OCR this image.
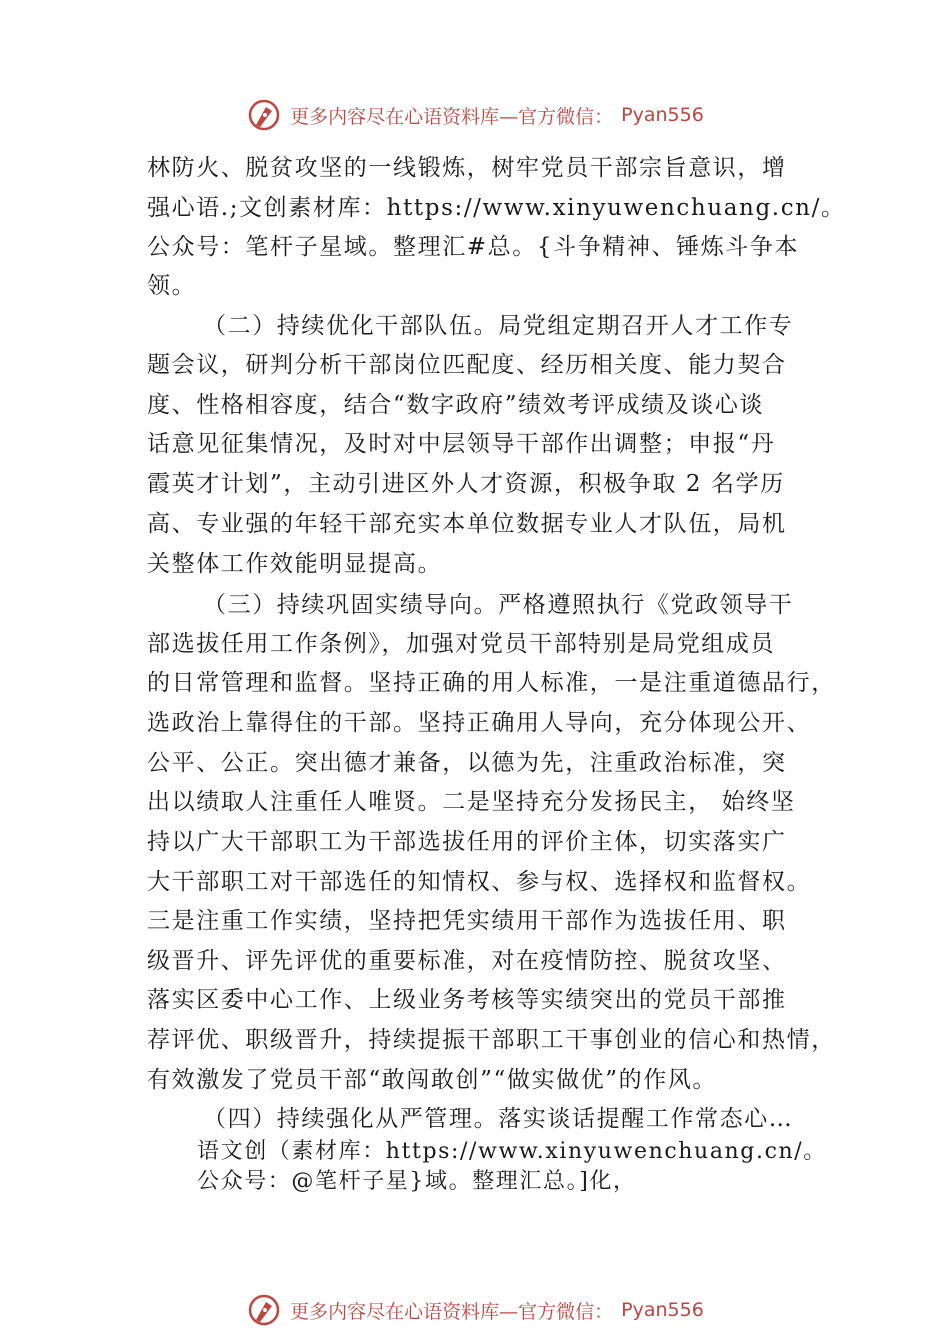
更多内容尽在心语资料库—官方微信： Pyan556
林防火、脱贫攻坚的一线锻炼，树牢党员干部宗旨意识，增
强心语.;文创素材库：https://www.xinyuwenchuang.cn/。
公众号：笔杆子星域。整理汇#总。{斗争精神、锤炼斗争本
领。
（二）持续优化干部队伍。局党组定期召开人才工作专
题会议，研判分析干部岗位匹配度、经历相关度、能力契合
度、性格相容度，结合“数字政府”绩效考评成绩及谈心谈
话意见征集情况，及时对中层领导干部作出调整；申报“丹
霞英才计划”，主动引进区外人才资源，积极争取 2 名学历
高、专业强的年轻干部充实本单位数据专业人才队伍，局机
关整体工作效能明显提高。
（三）持续巩固实绩导向。严格遵照执行《党政领导干
部选拔任用工作条例》，加强对党员干部特别是局党组成员
的日常管理和监督。坚持正确的用人标准，一是注重道德品行，
选政治上靠得住的干部。坚持正确用人导向，充分体现公开、
公平、公正。突出德才兼备，以德为先，注重政治标准，突
出以绩取人注重任人唯贤。二是坚持充分发扬民主， 始终坚
持以广大干部职工为干部选拔任用的评价主体，切实落实广
大干部职工对干部选任的知情权、参与权、选择权和监督权。
三是注重工作实绩，坚持把凭实绩用干部作为选拔任用、职
级晋升、评先评优的重要标准，对在疫情防控、脱贫攻坚、
落实区委中心工作、上级业务考核等实绩突出的党员干部推
荐评优、职级晋升，持续提振干部职工干事创业的信心和热情，
有效激发了党员干部“敢闯敢创”“做实做优”的作风。
（四）持续强化从严管理。落实谈话提醒工作常态心…
语文创（素材库：https://www.xinyuwenchuang.cn/。
公众号：@笔杆子星}域。整理汇总。]化，
更多内容尽在心语资料库—官方微信： Pyan556
